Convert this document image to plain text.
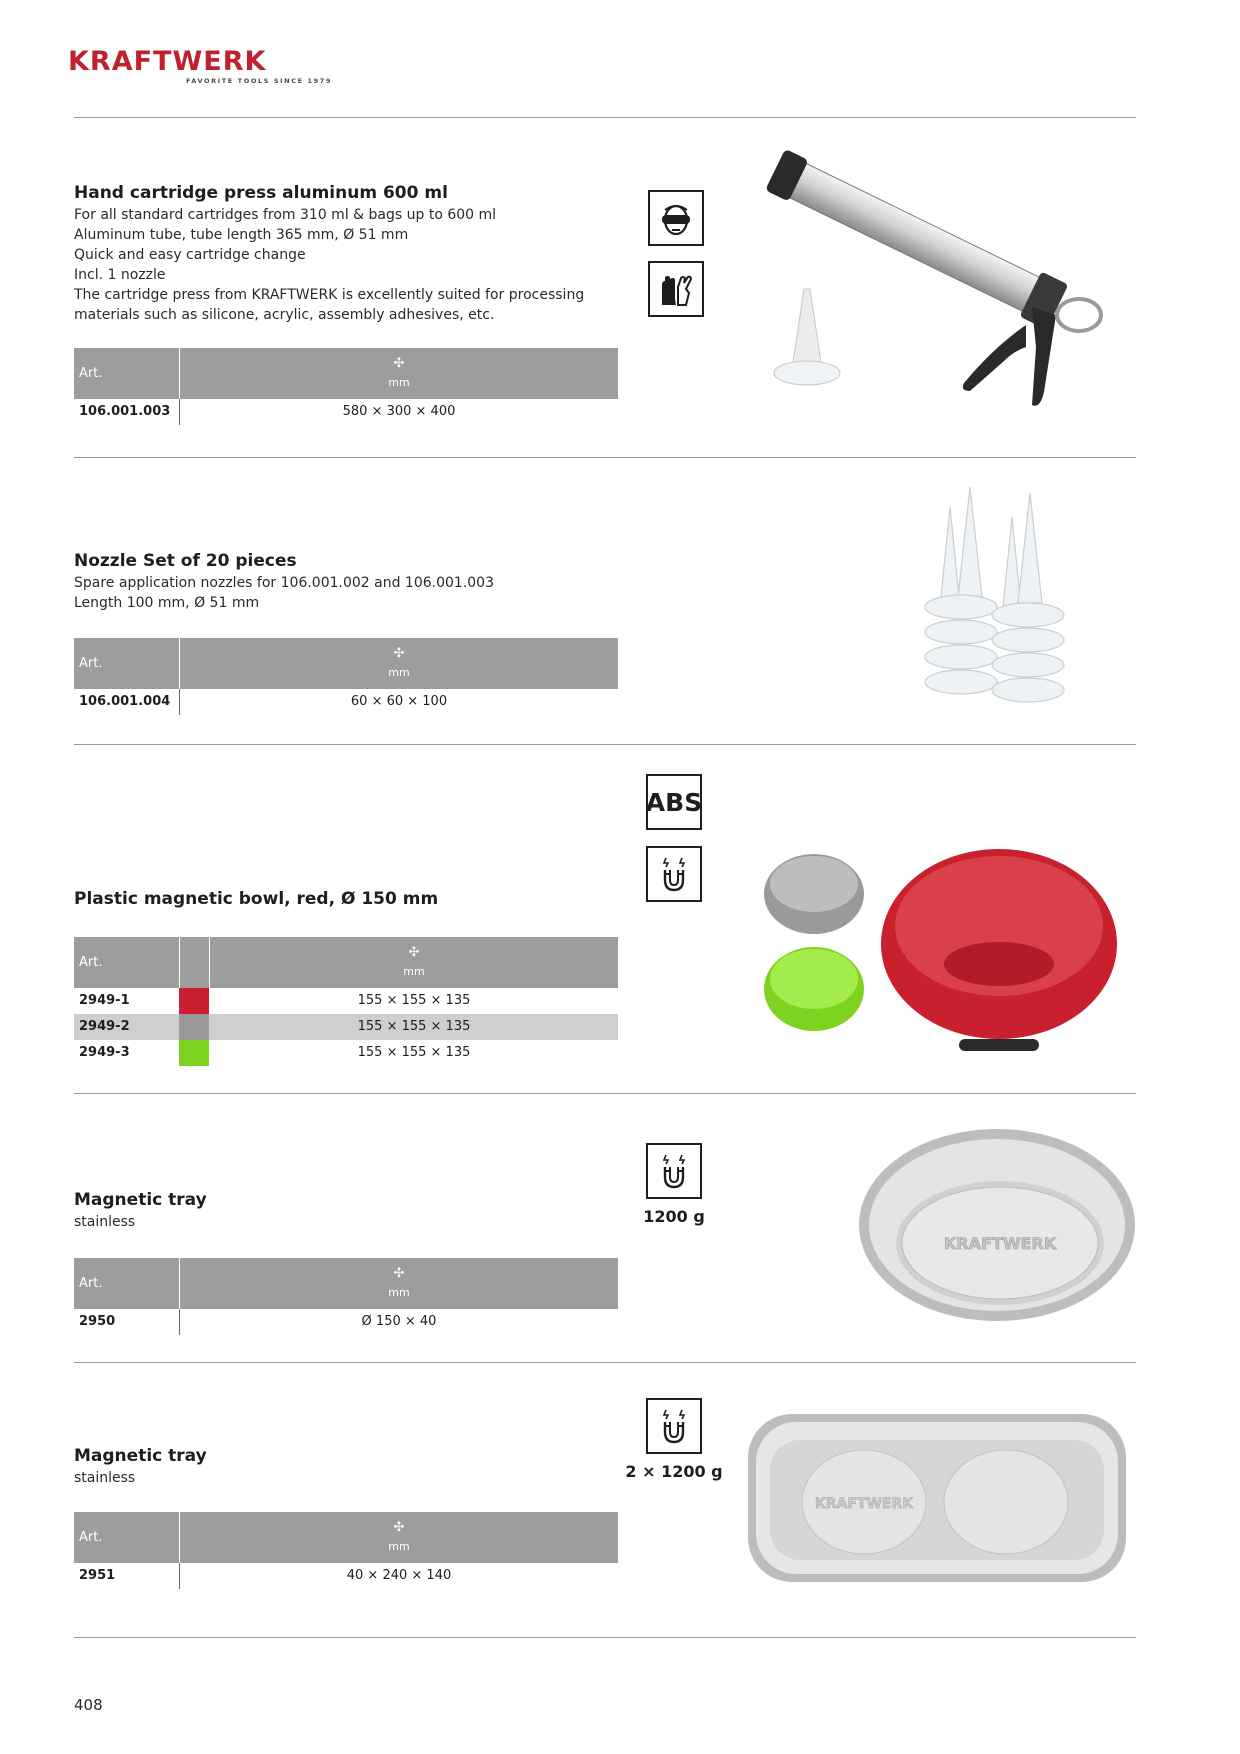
KRAFTWERK
FAVORITE TOOLS SINCE 1979
Hand cartridge press aluminum 600 ml
For all standard cartridges from 310 ml & bags up to 600 ml
Aluminum tube, tube length 365 mm, Ø 51 mm
Quick and easy cartridge change
Incl. 1 nozzle
The cartridge press from KRAFTWERK is excellently suited for processing
materials such as silicone, acrylic, assembly adhesives, etc.
Art.
✣
mm
106.001.003	580 × 300 × 400
Nozzle Set of 20 pieces
Spare application nozzles for 106.001.002 and 106.001.003
Length 100 mm, Ø 51 mm
Art.
✣
mm
106.001.004	60 × 60 × 100
Plastic magnetic bowl, red, Ø 150 mm
Art.
✣
mm
2949-1	155 × 155 × 135
2949-2	155 × 155 × 135
2949-3	155 × 155 × 135
ABS
Magnetic tray
stainless
Art.
✣
mm
2950	Ø 150 × 40
1200 g
KRAFTWERK
Magnetic tray
stainless
Art.
✣
mm
2951	40 × 240 × 140
2 × 1200 g
KRAFTWERK
408
